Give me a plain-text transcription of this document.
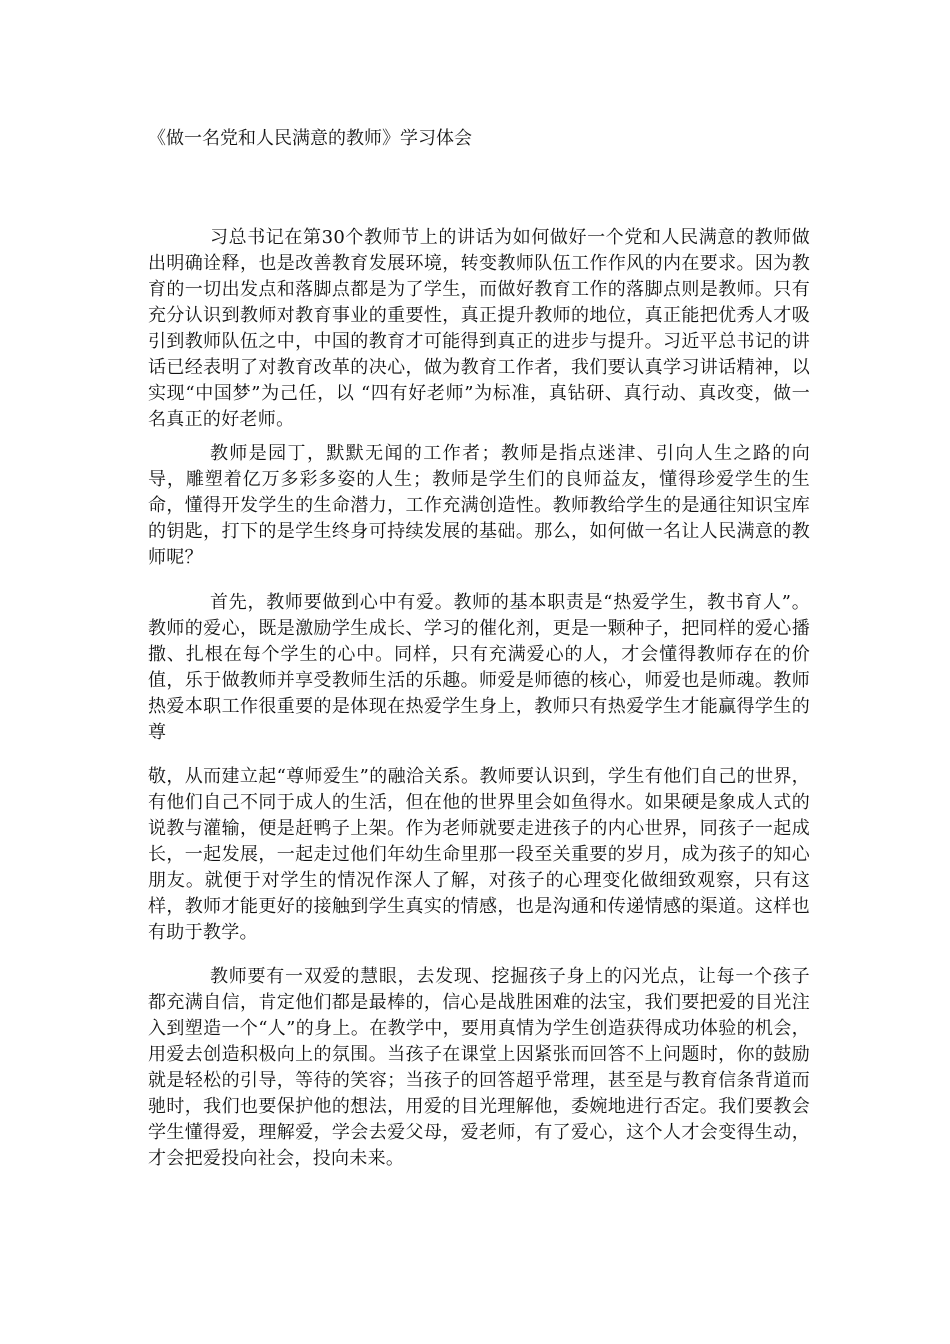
《做一名党和人民满意的教师》学习体会

习总书记在第30个教师节上的讲话为如何做好一个党和人民满意的教师做出明确诠释，也是改善教育发展环境，转变教师队伍工作作风的内在要求。因为教育的一切出发点和落脚点都是为了学生，而做好教育工作的落脚点则是教师。只有充分认识到教师对教育事业的重要性，真正提升教师的地位，真正能把优秀人才吸引到教师队伍之中，中国的教育才可能得到真正的进步与提升。习近平总书记的讲话已经表明了对教育改革的决心，做为教育工作者，我们要认真学习讲话精神，以实现“中国梦”为己任，以 “四有好老师”为标准，真钻研、真行动、真改变，做一名真正的好老师。

教师是园丁，默默无闻的工作者；教师是指点迷津、引向人生之路的向导，雕塑着亿万多彩多姿的人生；教师是学生们的良师益友，懂得珍爱学生的生命，懂得开发学生的生命潜力，工作充满创造性。教师教给学生的是通往知识宝库的钥匙，打下的是学生终身可持续发展的基础。那么，如何做一名让人民满意的教师呢？

首先，教师要做到心中有爱。教师的基本职责是“热爱学生，教书育人”。教师的爱心，既是激励学生成长、学习的催化剂，更是一颗种子，把同样的爱心播撒、扎根在每个学生的心中。同样，只有充满爱心的人，才会懂得教师存在的价值，乐于做教师并享受教师生活的乐趣。师爱是师德的核心，师爱也是师魂。教师热爱本职工作很重要的是体现在热爱学生身上，教师只有热爱学生才能赢得学生的尊

敬，从而建立起“尊师爱生”的融洽关系。教师要认识到，学生有他们自己的世界，有他们自己不同于成人的生活，但在他的世界里会如鱼得水。如果硬是象成人式的说教与灌输，便是赶鸭子上架。作为老师就要走进孩子的内心世界，同孩子一起成长，一起发展，一起走过他们年幼生命里那一段至关重要的岁月，成为孩子的知心朋友。就便于对学生的情况作深人了解，对孩子的心理变化做细致观察，只有这样，教师才能更好的接触到学生真实的情感，也是沟通和传递情感的渠道。这样也有助于教学。

教师要有一双爱的慧眼，去发现、挖掘孩子身上的闪光点，让每一个孩子都充满自信，肯定他们都是最棒的，信心是战胜困难的法宝，我们要把爱的目光注入到塑造一个“人”的身上。在教学中，要用真情为学生创造获得成功体验的机会，用爱去创造积极向上的氛围。当孩子在课堂上因紧张而回答不上问题时，你的鼓励就是轻松的引导，等待的笑容；当孩子的回答超乎常理，甚至是与教育信条背道而驰时，我们也要保护他的想法，用爱的目光理解他，委婉地进行否定。我们要教会学生懂得爱，理解爱，学会去爱父母，爱老师，有了爱心，这个人才会变得生动，才会把爱投向社会，投向未来。
